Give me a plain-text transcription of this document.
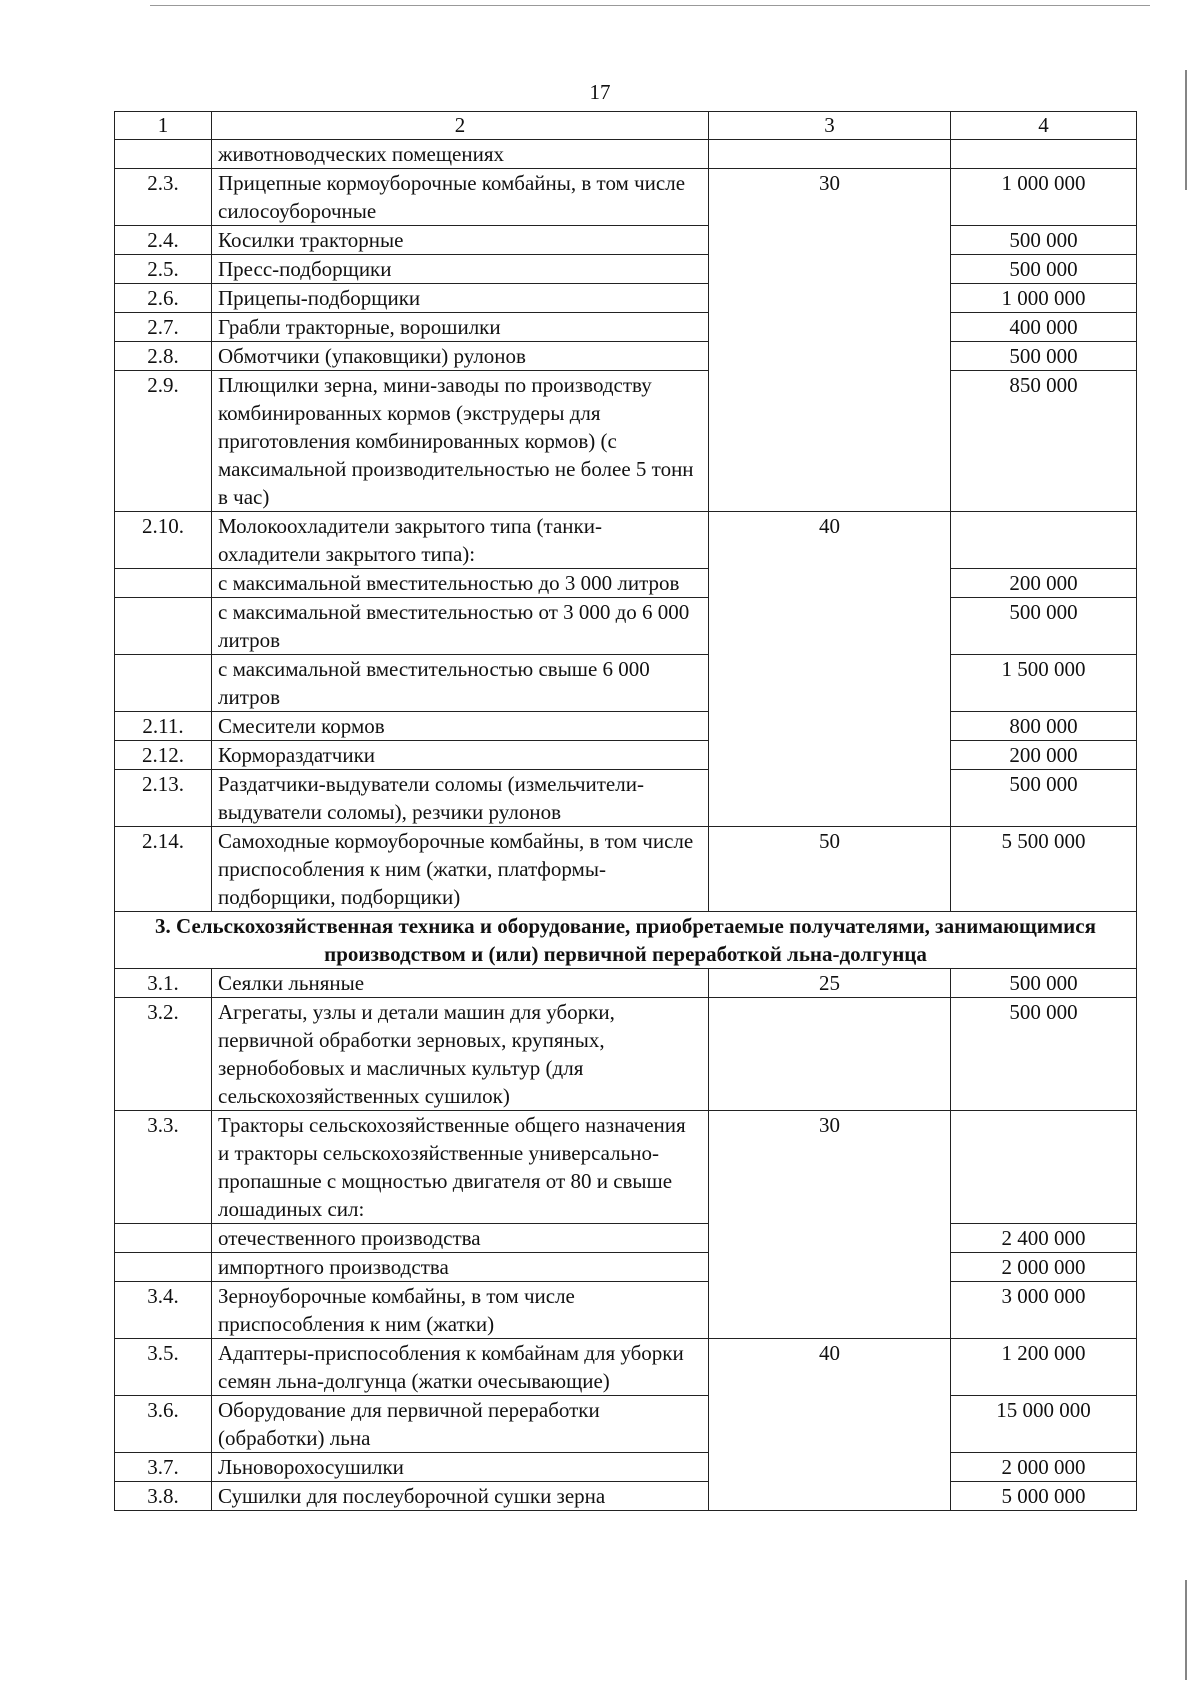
17
1	2	3	4
	животноводческих помещениях		
2.3.	Прицепные кормоуборочные комбайны, в том числе силосоуборочные	30	1 000 000
2.4.	Косилки тракторные		500 000
2.5.	Пресс-подборщики		500 000
2.6.	Прицепы-подборщики		1 000 000
2.7.	Грабли тракторные, ворошилки		400 000
2.8.	Обмотчики (упаковщики) рулонов		500 000
2.9.	Плющилки зерна, мини-заводы по производству комбинированных кормов (экструдеры для приготовления комбинированных кормов) (с максимальной производительностью не более 5 тонн в час)		850 000
2.10.	Молокоохладители закрытого типа (танки-охладители закрытого типа):	40	
	с максимальной вместительностью до 3 000 литров		200 000
	с максимальной вместительностью от 3 000 до 6 000 литров		500 000
	с максимальной вместительностью свыше 6 000 литров		1 500 000
2.11.	Смесители кормов		800 000
2.12.	Кормораздатчики		200 000
2.13.	Раздатчики-выдуватели соломы (измельчители-выдуватели соломы), резчики рулонов		500 000
2.14.	Самоходные кормоуборочные комбайны, в том числе приспособления к ним (жатки, платформы-подборщики, подборщики)	50	5 500 000
3. Сельскохозяйственная техника и оборудование, приобретаемые получателями, занимающимися производством и (или) первичной переработкой льна-долгунца			
3.1.	Сеялки льняные	25	500 000
3.2.	Агрегаты, узлы и детали машин для уборки, первичной обработки зерновых, крупяных, зернобобовых и масличных культур (для сельскохозяйственных сушилок)		500 000
3.3.	Тракторы сельскохозяйственные общего назначения и тракторы сельскохозяйственные универсально-пропашные с мощностью двигателя от 80 и свыше лошадиных сил:	30	
	отечественного производства		2 400 000
	импортного производства		2 000 000
3.4.	Зерноуборочные комбайны, в том числе приспособления к ним (жатки)		3 000 000
3.5.	Адаптеры-приспособления к комбайнам для уборки семян льна-долгунца (жатки очесывающие)	40	1 200 000
3.6.	Оборудование для первичной переработки (обработки) льна		15 000 000
3.7.	Льноворохосушилки		2 000 000
3.8.	Сушилки для послеуборочной сушки зерна		5 000 000
